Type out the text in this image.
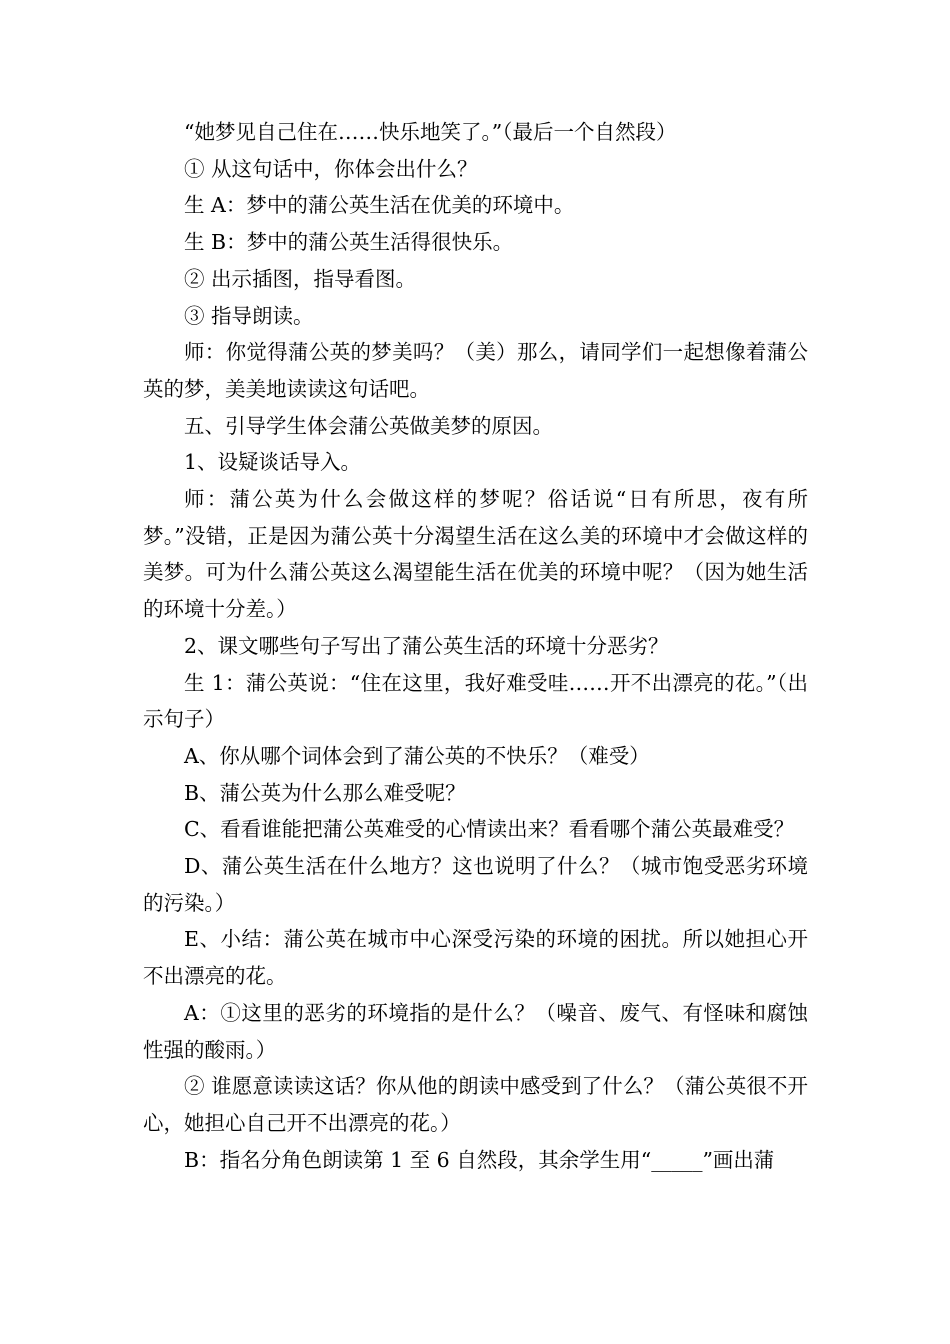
“她梦见自己住在……快乐地笑了。”（最后一个自然段）

① 从这句话中，你体会出什么？

生 A：梦中的蒲公英生活在优美的环境中。

生 B：梦中的蒲公英生活得很快乐。

② 出示插图，指导看图。

③ 指导朗读。

师：你觉得蒲公英的梦美吗？（美）那么，请同学们一起想像着蒲公英的梦，美美地读读这句话吧。

五、引导学生体会蒲公英做美梦的原因。

1、设疑谈话导入。

师：蒲公英为什么会做这样的梦呢？俗话说“日有所思，夜有所梦。”没错，正是因为蒲公英十分渴望生活在这么美的环境中才会做这样的美梦。可为什么蒲公英这么渴望能生活在优美的环境中呢？（因为她生活的环境十分差。）

2、课文哪些句子写出了蒲公英生活的环境十分恶劣？

生 1：蒲公英说：“住在这里，我好难受哇……开不出漂亮的花。”（出示句子）

A、你从哪个词体会到了蒲公英的不快乐？（难受）

B、蒲公英为什么那么难受呢？

C、看看谁能把蒲公英难受的心情读出来？看看哪个蒲公英最难受？

D、蒲公英生活在什么地方？这也说明了什么？（城市饱受恶劣环境的污染。）

E、小结：蒲公英在城市中心深受污染的环境的困扰。所以她担心开不出漂亮的花。

A：①这里的恶劣的环境指的是什么？（噪音、废气、有怪味和腐蚀性强的酸雨。）

② 谁愿意读读这话？你从他的朗读中感受到了什么？（蒲公英很不开心，她担心自己开不出漂亮的花。）

B：指名分角色朗读第 1 至 6 自然段，其余学生用“_____”画出蒲
